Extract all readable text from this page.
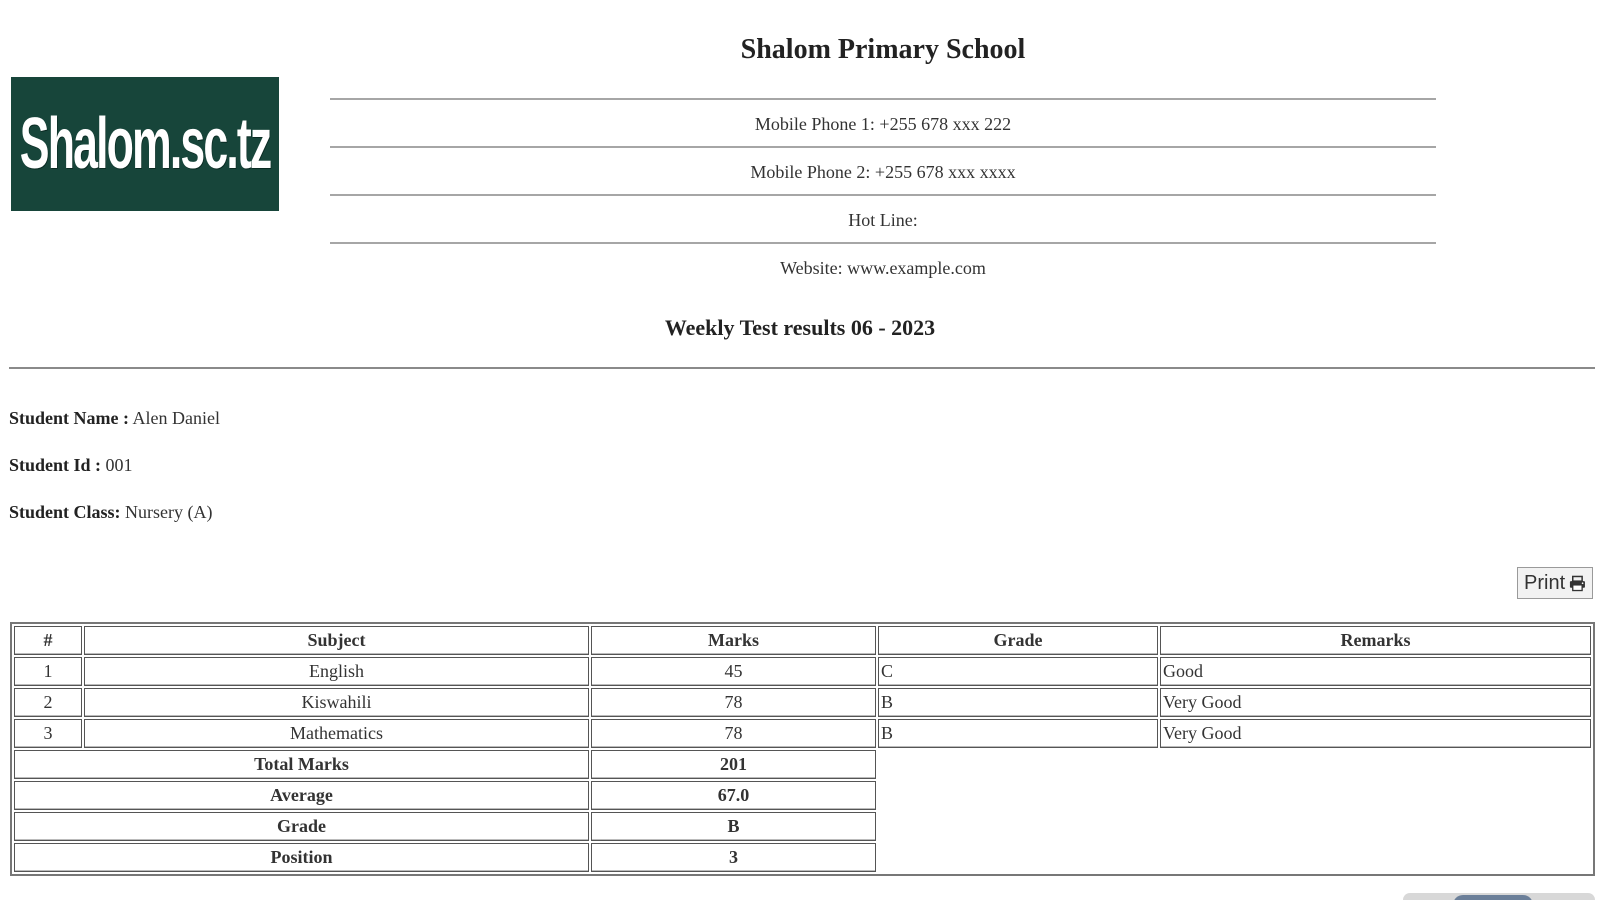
Shalom.sc.tz
Shalom Primary School
Mobile Phone 1: +255 678 xxx 222
Mobile Phone 2: +255 678 xxx xxxx
Hot Line:
Website: www.example.com
Weekly Test results 06 - 2023
Student Name : Alen Daniel
Student Id : 001
Student Class: Nursery (A)
Print
#	Subject	Marks	Grade	Remarks
1	English	45	C	Good
2	Kiswahili	78	B	Very Good
3	Mathematics	78	B	Very Good
Total Marks		201		
Average		67.0		
Grade		B		
Position		3		
